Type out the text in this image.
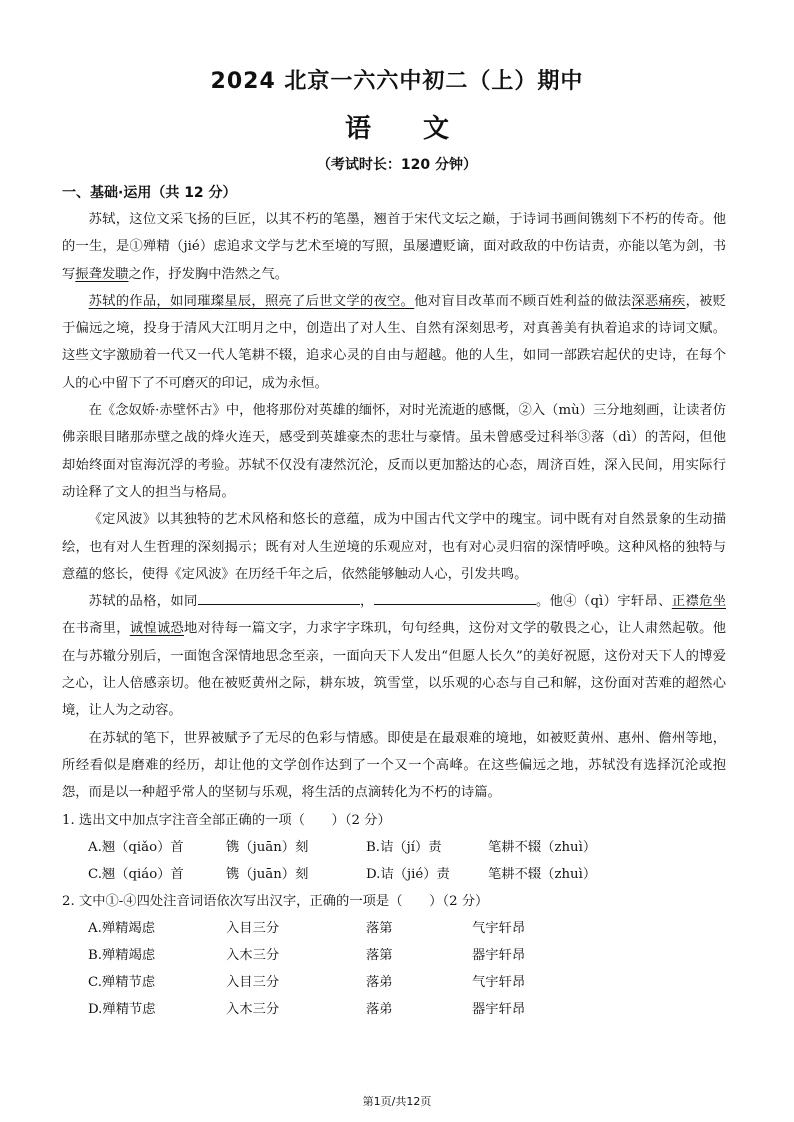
2024 北京一六六中初二（上）期中
语　　文
（考试时长：120 分钟）
一、基础·运用（共 12 分）

苏轼，这位文采飞扬的巨匠，以其不朽的笔墨，翘首于宋代文坛之巅，于诗词书画间镌刻下不朽的传奇。他的一生，是①殚精（jié）虑追求文学与艺术至境的写照，虽屡遭贬谪，面对政敌的中伤诘责，亦能以笔为剑，书写振聋发聩之作，抒发胸中浩然之气。

苏轼的作品，如同璀璨星辰，照亮了后世文学的夜空。他对盲目改革而不顾百姓利益的做法深恶痛疾，被贬于偏远之境，投身于清风大江明月之中，创造出了对人生、自然有深刻思考，对真善美有执着追求的诗词文赋。这些文字激励着一代又一代人笔耕不辍，追求心灵的自由与超越。他的人生，如同一部跌宕起伏的史诗，在每个人的心中留下了不可磨灭的印记，成为永恒。

在《念奴娇·赤壁怀古》中，他将那份对英雄的缅怀，对时光流逝的感慨，②入（mù）三分地刻画，让读者仿佛亲眼目睹那赤壁之战的烽火连天，感受到英雄豪杰的悲壮与豪情。虽未曾感受过科举③落（dì）的苦闷，但他却始终面对宦海沉浮的考验。苏轼不仅没有凄然沉沦，反而以更加豁达的心态，周济百姓，深入民间，用实际行动诠释了文人的担当与格局。

《定风波》以其独特的艺术风格和悠长的意蕴，成为中国古代文学中的瑰宝。词中既有对自然景象的生动描绘，也有对人生哲理的深刻揭示；既有对人生逆境的乐观应对，也有对心灵归宿的深情呼唤。这种风格的独特与意蕴的悠长，使得《定风波》在历经千年之后，依然能够触动人心，引发共鸣。

苏轼的品格，如同	，	。他④（qì）宇轩昂、正襟危坐在书斋里，诚惶诚恐地对待每一篇文字，力求字字珠玑，句句经典，这份对文学的敬畏之心，让人肃然起敬。他在与苏辙分别后，一面饱含深情地思念至亲，一面向天下人发出“但愿人长久”的美好祝愿，这份对天下人的博爱之心，让人倍感亲切。他在被贬黄州之际，耕东坡，筑雪堂，以乐观的心态与自己和解，这份面对苦难的超然心境，让人为之动容。

在苏轼的笔下，世界被赋予了无尽的色彩与情感。即使是在最艰难的境地，如被贬黄州、惠州、儋州等地，所经看似是磨难的经历，却让他的文学创作达到了一个又一个高峰。在这些偏远之地，苏轼没有选择沉沦或抱怨，而是以一种超乎常人的坚韧与乐观，将生活的点滴转化为不朽的诗篇。

1. 选出文中加点字注音全部正确的一项（　　）（2 分）
A.翘（qiǎo）首	镌（juān）刻	B.诘（jí）责	笔耕不辍（zhuì）
C.翘（qiáo）首	镌（juān）刻	D.诘（jié）责	笔耕不辍（zhuì）
2. 文中①-④四处注音词语依次写出汉字，正确的一项是（　　）（2 分）
A.殚精竭虑	入目三分	落第	气宇轩昂
B.殚精竭虑	入木三分	落第	器宇轩昂
C.殚精节虑	入目三分	落弟	气宇轩昂
D.殚精节虑	入木三分	落弟	器宇轩昂
第1页/共12页
